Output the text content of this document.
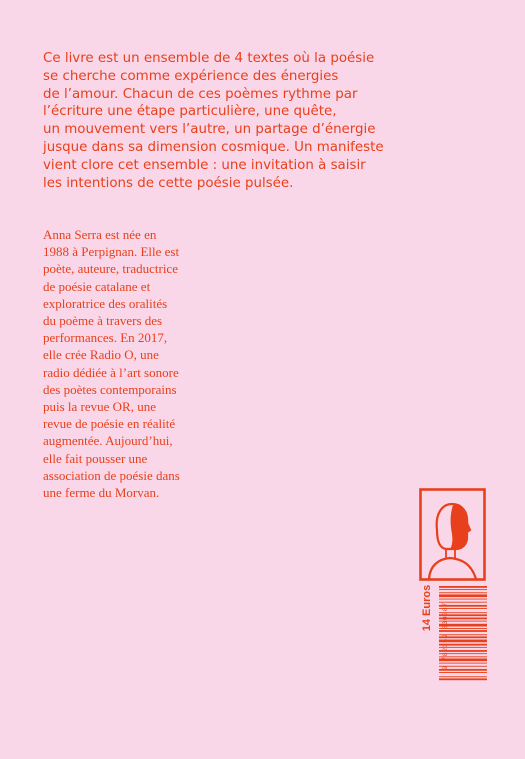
Ce livre est un ensemble de 4 textes où la poésie
se cherche comme expérience des énergies
de l’amour. Chacun de ces poèmes rythme par
l’écriture une étape particulière, une quête,
un mouvement vers l’autre, un partage d’énergie
jusque dans sa dimension cosmique. Un manifeste
vient clore cet ensemble : une invitation à saisir
les intentions de cette poésie pulsée.
Anna Serra est née en
1988 à Perpignan. Elle est
poète, auteure, traductrice
de poésie catalane et
exploratrice des oralités
du poème à travers des
performances. En 2017,
elle crée Radio O, une
radio dédiée à l’art sonore
des poètes contemporains
puis la revue OR, une
revue de poésie en réalité
augmentée. Aujourd’hui,
elle fait pousser une
association de poésie dans
une ferme du Morvan.
14 Euros 9 782359 830087
